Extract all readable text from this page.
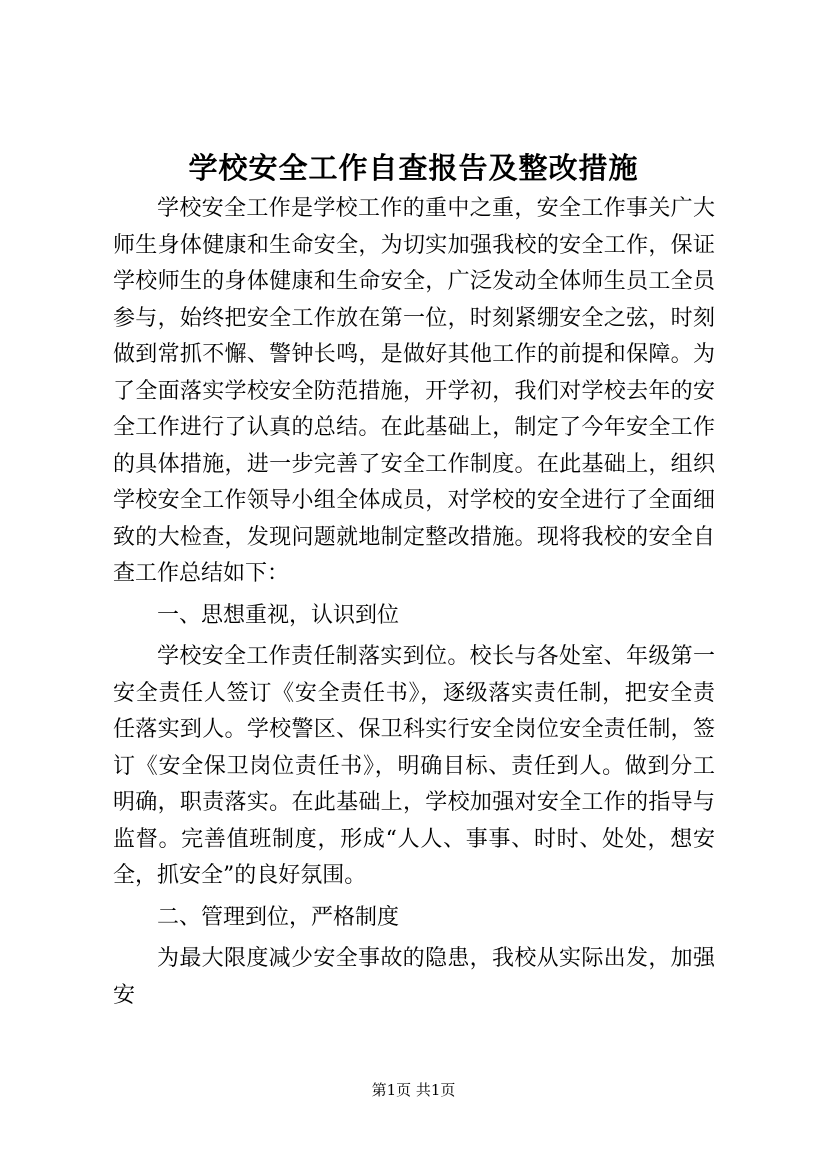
学校安全工作自查报告及整改措施

学校安全工作是学校工作的重中之重，安全工作事关广大师生身体健康和生命安全，为切实加强我校的安全工作，保证学校师生的身体健康和生命安全，广泛发动全体师生员工全员参与，始终把安全工作放在第一位，时刻紧绷安全之弦，时刻做到常抓不懈、警钟长鸣，是做好其他工作的前提和保障。为了全面落实学校安全防范措施，开学初，我们对学校去年的安全工作进行了认真的总结。在此基础上，制定了今年安全工作的具体措施，进一步完善了安全工作制度。在此基础上，组织学校安全工作领导小组全体成员，对学校的安全进行了全面细致的大检查，发现问题就地制定整改措施。现将我校的安全自查工作总结如下：

一、思想重视，认识到位

学校安全工作责任制落实到位。校长与各处室、年级第一安全责任人签订《安全责任书》，逐级落实责任制，把安全责任落实到人。学校警区、保卫科实行安全岗位安全责任制，签订《安全保卫岗位责任书》，明确目标、责任到人。做到分工明确，职责落实。在此基础上，学校加强对安全工作的指导与监督。完善值班制度，形成“人人、事事、时时、处处，想安全，抓安全”的良好氛围。

二、管理到位，严格制度

为最大限度减少安全事故的隐患，我校从实际出发，加强安

第1页 共1页
